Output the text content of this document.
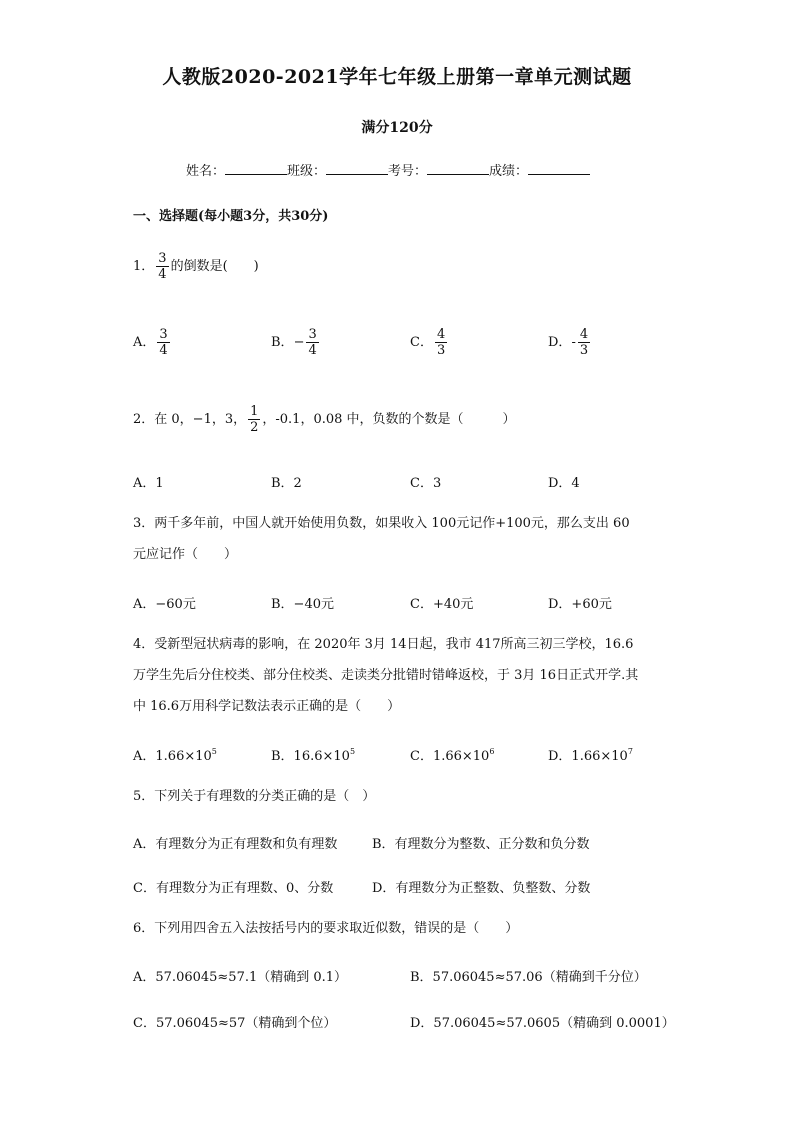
人教版2020-2021学年七年级上册第一章单元测试题
满分120分
姓名：	班级：	考号：	成绩：
一、选择题(每小题3分，共30分)
1． $\frac{3}{4}$ 的倒数是(　　)
A． $\frac{3}{4}$	B．− $\frac{3}{4}$	C． $\frac{4}{3}$	D．- $\frac{4}{3}$
2．在 0，−1，3， $\frac{1}{2}$ ，-0.1，0.08 中，负数的个数是（　　　）
A．1	B．2	C．3	D．4
3．两千多年前，中国人就开始使用负数，如果收入 100元记作+100元，那么支出 60
元应记作（　　）
A．−60元	B．−40元	C．+40元	D．+60元
4．受新型冠状病毒的影响，在 2020年 3月 14日起，我市 417所高三初三学校，16.6
万学生先后分住校类、部分住校类、走读类分批错时错峰返校，于 3月 16日正式开学.其
中 16.6万用科学记数法表示正确的是（　　）
A．$1.66\times 10^5$	B．$16.6\times 10^5$	C．$1.66\times 10^6$	D．$1.66\times 10^7$
5．下列关于有理数的分类正确的是（　）
A．有理数分为正有理数和负有理数	B．有理数分为整数、正分数和负分数
C．有理数分为正有理数、0、分数	D．有理数分为正整数、负整数、分数
6．下列用四舍五入法按括号内的要求取近似数，错误的是（　　）
A．57.06045≈57.1（精确到 0.1）	B．57.06045≈57.06（精确到千分位）
C．57.06045≈57（精确到个位）	D．57.06045≈57.0605（精确到 0.0001）
